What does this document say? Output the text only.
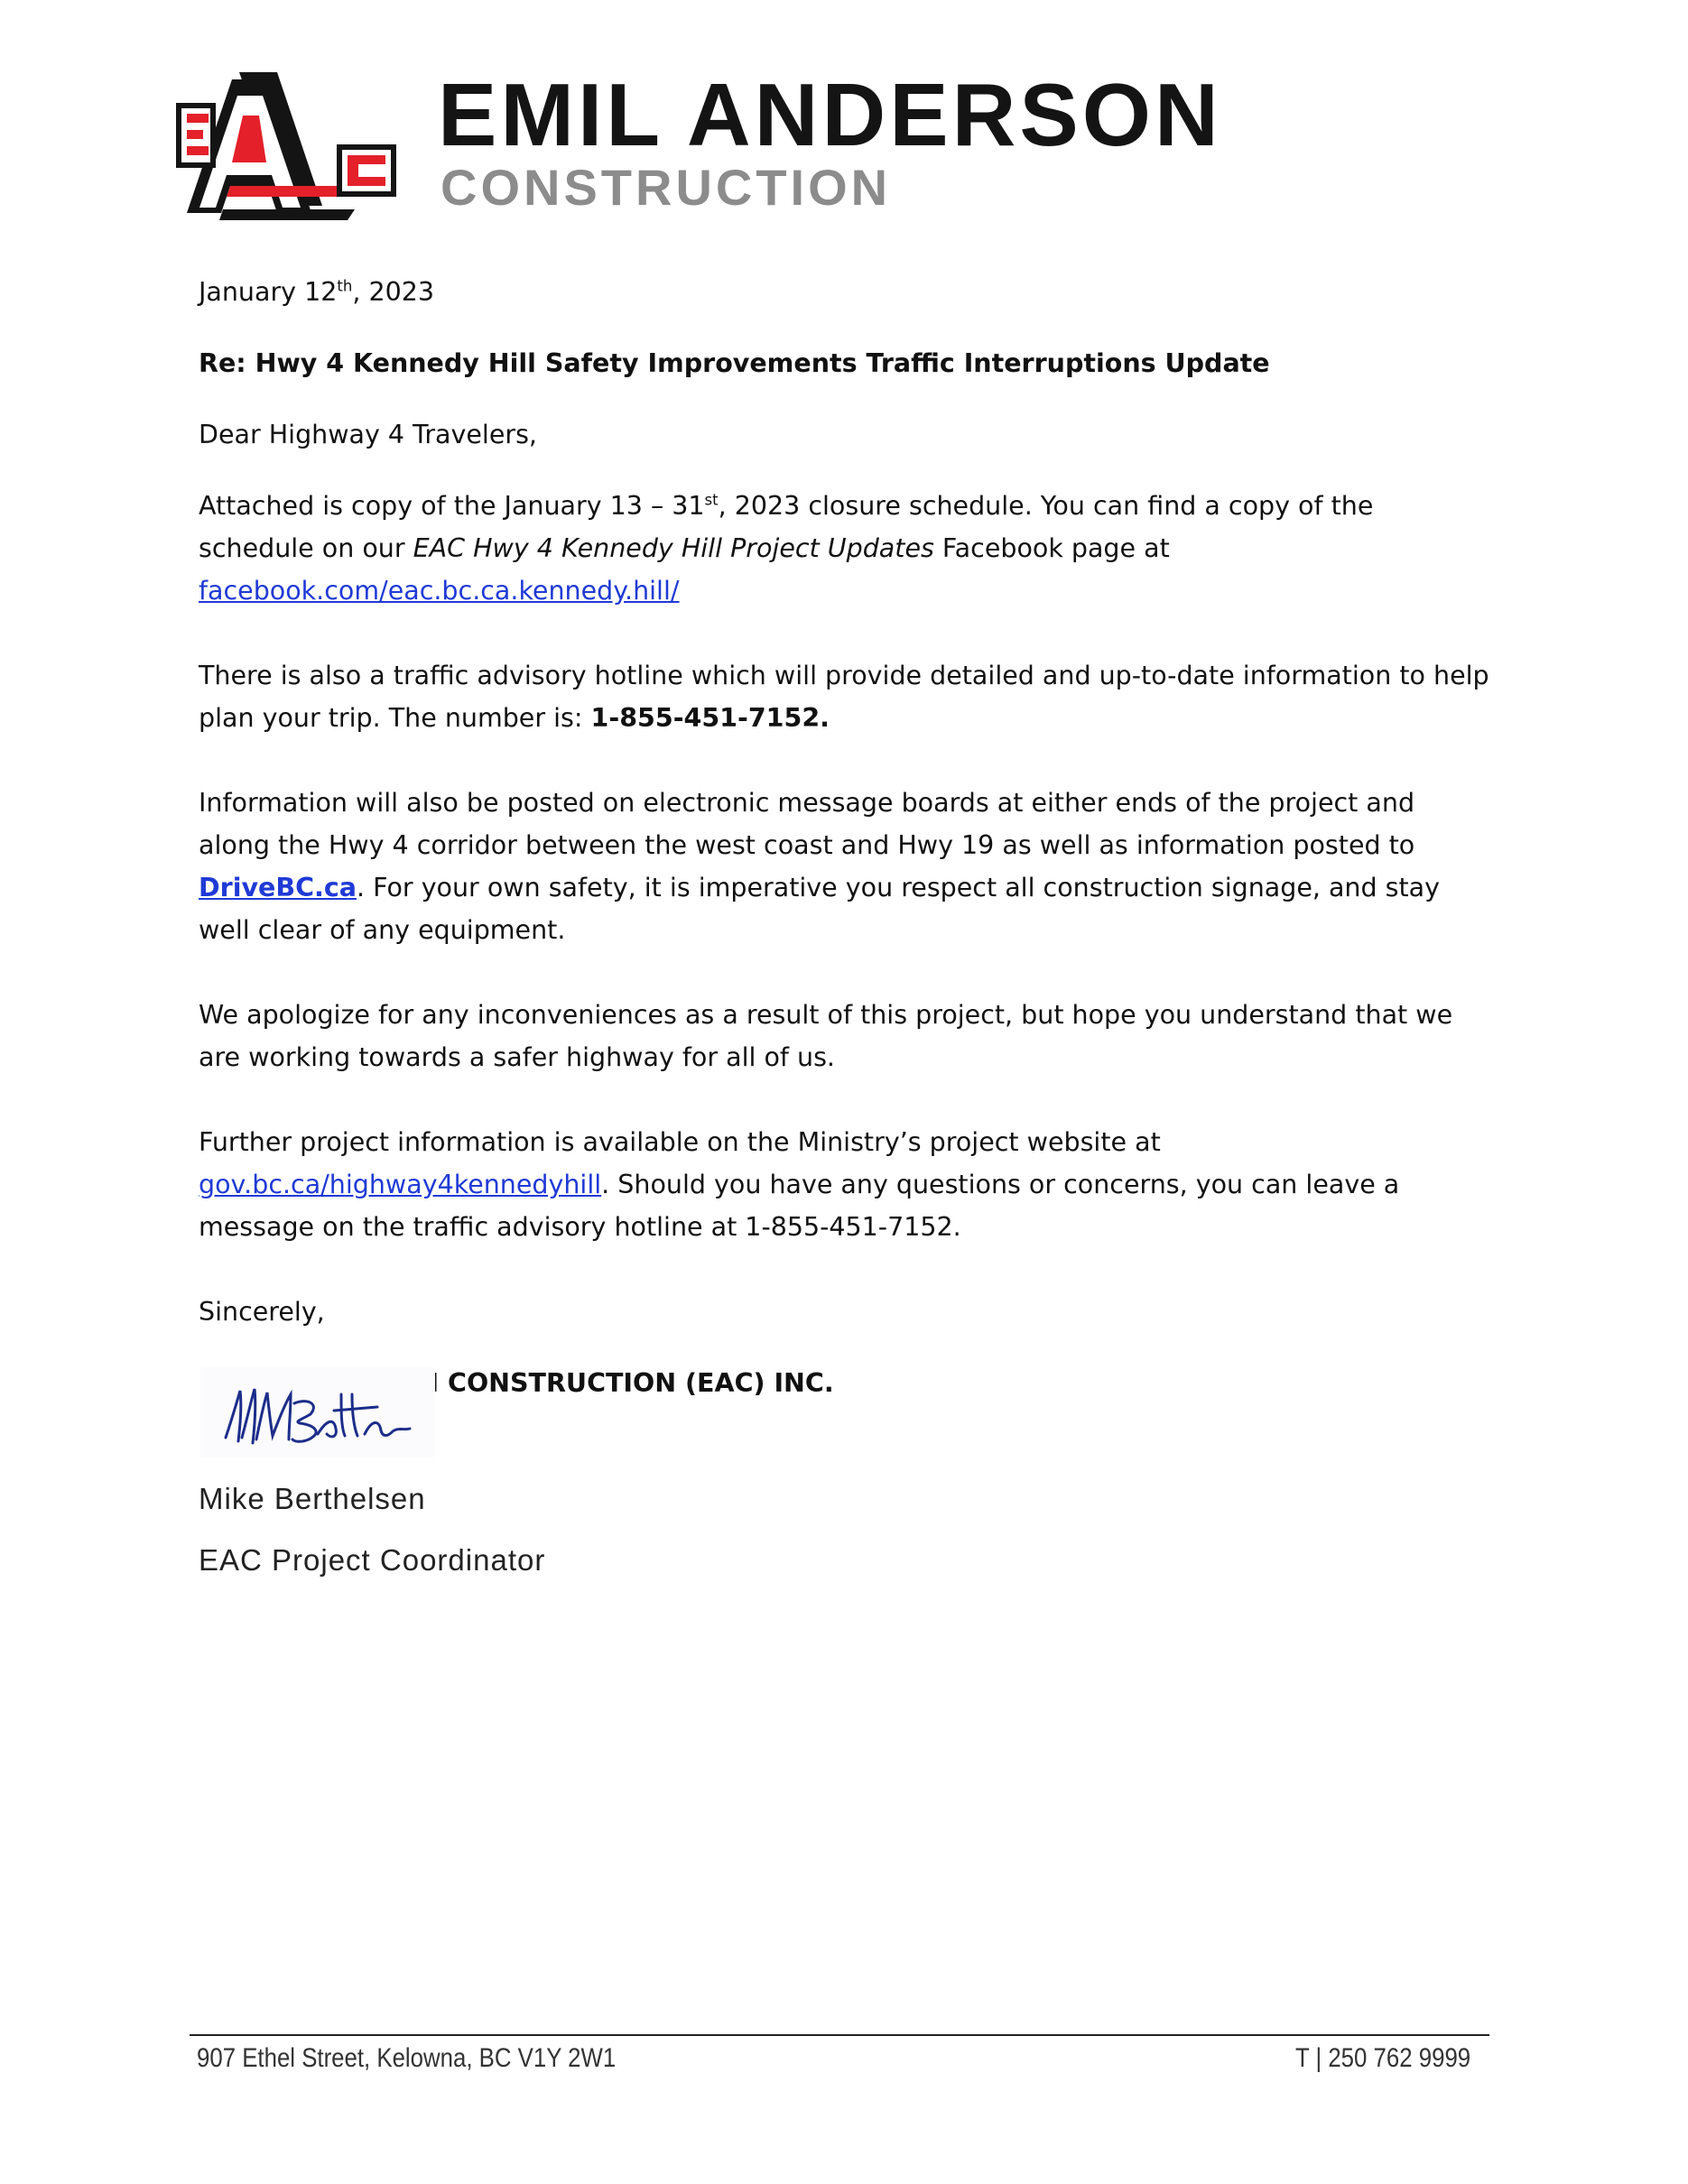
EMIL ANDERSON
CONSTRUCTION

January 12th, 2023

Re: Hwy 4 Kennedy Hill Safety Improvements Traffic Interruptions Update

Dear Highway 4 Travelers,

Attached is copy of the January 13 – 31st, 2023 closure schedule. You can find a copy of the schedule on our EAC Hwy 4 Kennedy Hill Project Updates Facebook page at facebook.com/eac.bc.ca.kennedy.hill/

There is also a traffic advisory hotline which will provide detailed and up-to-date information to help plan your trip. The number is: 1-855-451-7152.

Information will also be posted on electronic message boards at either ends of the project and along the Hwy 4 corridor between the west coast and Hwy 19 as well as information posted to DriveBC.ca. For your own safety, it is imperative you respect all construction signage, and stay well clear of any equipment.

We apologize for any inconveniences as a result of this project, but hope you understand that we are working towards a safer highway for all of us.

Further project information is available on the Ministry’s project website at gov.bc.ca/highway4kennedyhill. Should you have any questions or concerns, you can leave a message on the traffic advisory hotline at 1-855-451-7152.

Sincerely,

EMIL ANDERSON CONSTRUCTION (EAC) INC.

Mike Berthelsen
EAC Project Coordinator
907 Ethel Street, Kelowna, BC V1Y 2W1	T | 250 762 9999
